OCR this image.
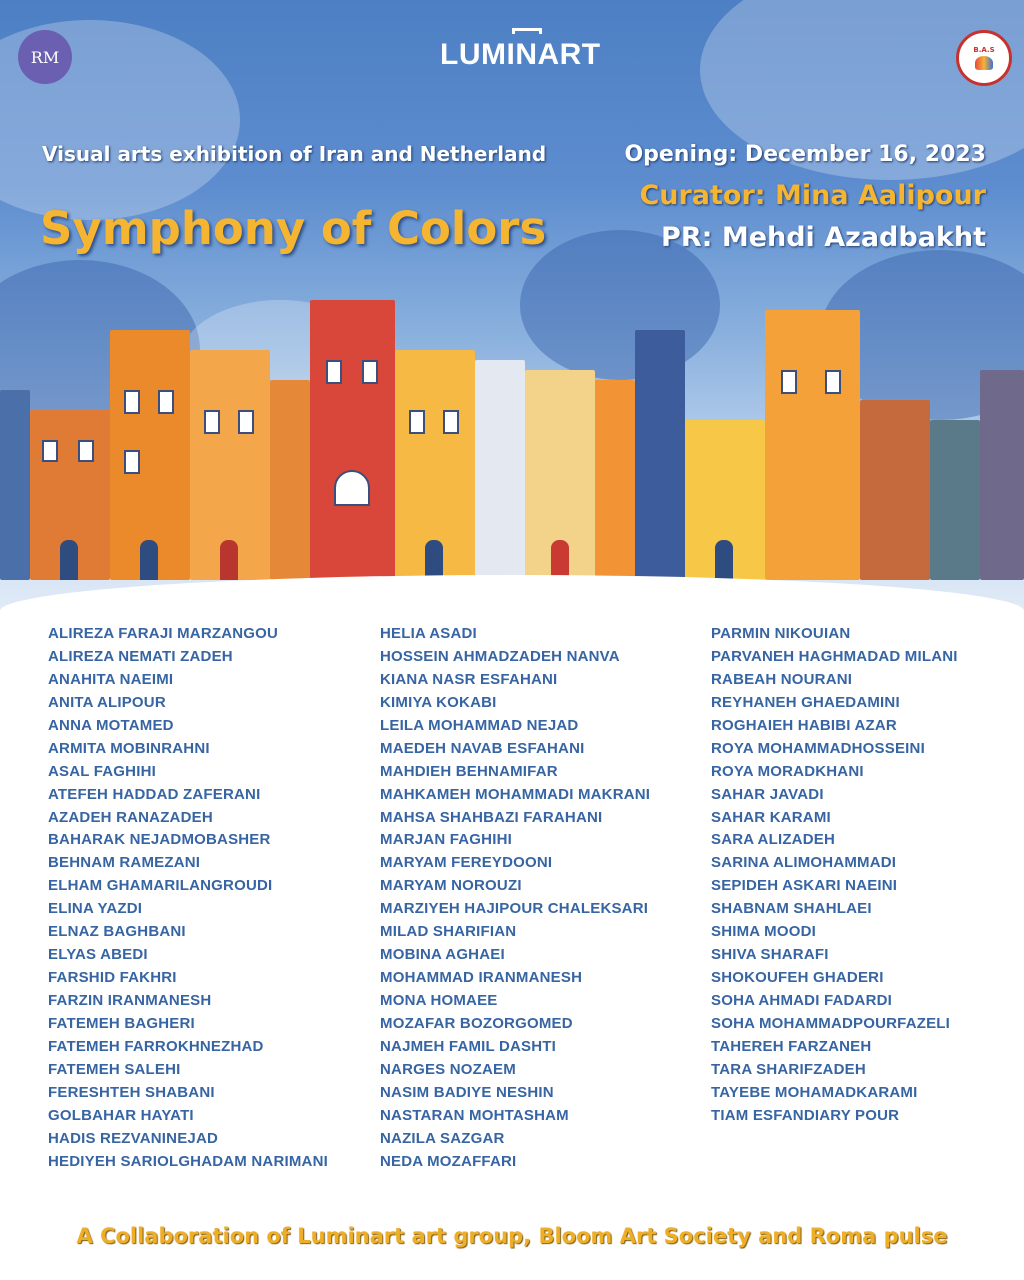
RM	LUMINART	B.A.S
Visual arts exhibition of Iran and Netherland
Symphony of Colors
Opening: December 16, 2023
Curator: Mina Aalipour
PR: Mehdi Azadbakht
ALIREZA FARAJI MARZANGOU
ALIREZA NEMATI ZADEH
ANAHITA NAEIMI
ANITA ALIPOUR
ANNA MOTAMED
ARMITA MOBINRAHNI
ASAL FAGHIHI
ATEFEH HADDAD ZAFERANI
AZADEH RANAZADEH
BAHARAK NEJADMOBASHER
BEHNAM RAMEZANI
ELHAM GHAMARILANGROUDI
ELINA YAZDI
ELNAZ BAGHBANI
ELYAS ABEDI
FARSHID FAKHRI
FARZIN IRANMANESH
FATEMEH BAGHERI
FATEMEH FARROKHNEZHAD
FATEMEH SALEHI
FERESHTEH SHABANI
GOLBAHAR HAYATI
HADIS REZVANINEJAD
HEDIYEH SARIOLGHADAM NARIMANI
HELIA ASADI
HOSSEIN AHMADZADEH NANVA
KIANA NASR ESFAHANI
KIMIYA KOKABI
LEILA MOHAMMAD NEJAD
MAEDEH NAVAB ESFAHANI
MAHDIEH BEHNAMIFAR
MAHKAMEH MOHAMMADI MAKRANI
MAHSA SHAHBAZI FARAHANI
MARJAN FAGHIHI
MARYAM FEREYDOONI
MARYAM NOROUZI
MARZIYEH HAJIPOUR CHALEKSARI
MILAD SHARIFIAN
MOBINA AGHAEI
MOHAMMAD IRANMANESH
MONA HOMAEE
MOZAFAR BOZORGOMED
NAJMEH FAMIL DASHTI
NARGES NOZAEM
NASIM BADIYE NESHIN
NASTARAN MOHTASHAM
NAZILA SAZGAR
NEDA MOZAFFARI
PARMIN NIKOUIAN
PARVANEH HAGHMADAD MILANI
RABEAH NOURANI
REYHANEH GHAEDAMINI
ROGHAIEH HABIBI AZAR
ROYA MOHAMMADHOSSEINI
ROYA MORADKHANI
SAHAR JAVADI
SAHAR KARAMI
SARA ALIZADEH
SARINA ALIMOHAMMADI
SEPIDEH ASKARI NAEINI
SHABNAM SHAHLAEI
SHIMA MOODI
SHIVA SHARAFI
SHOKOUFEH GHADERI
SOHA AHMADI FADARDI
SOHA MOHAMMADPOURFAZELI
TAHEREH FARZANEH
TARA SHARIFZADEH
TAYEBE MOHAMADKARAMI
TIAM ESFANDIARY POUR
A Collaboration of Luminart art group, Bloom Art Society and Roma pulse
